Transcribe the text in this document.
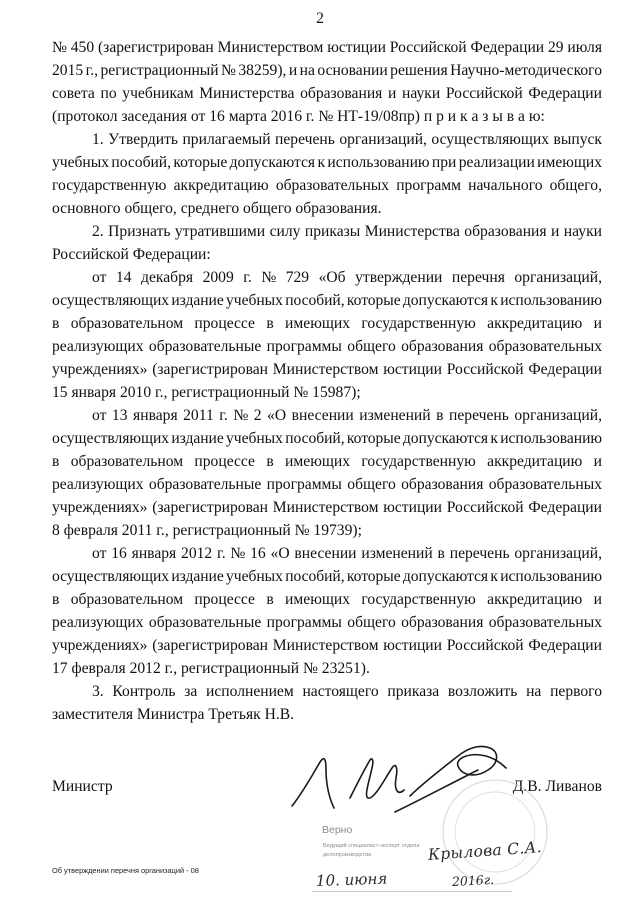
2
№ 450 (зарегистрирован Министерством юстиции Российской Федерации 29 июля
2015 г., регистрационный № 38259), и на основании решения Научно-методического
совета по учебникам Министерства образования и науки Российской Федерации
(протокол заседания от 16 марта 2016 г. № НТ-19/08пр) п р и к а з ы в а ю:
1. Утвердить прилагаемый перечень организаций, осуществляющих выпуск
учебных пособий, которые допускаются к использованию при реализации имеющих
государственную аккредитацию образовательных программ начального общего,
основного общего, среднего общего образования.
2. Признать утратившими силу приказы Министерства образования и науки
Российской Федерации:
от 14 декабря 2009 г. № 729 «Об утверждении перечня организаций,
осуществляющих издание учебных пособий, которые допускаются к использованию
в образовательном процессе в имеющих государственную аккредитацию и
реализующих образовательные программы общего образования образовательных
учреждениях» (зарегистрирован Министерством юстиции Российской Федерации
15 января 2010 г., регистрационный № 15987);
от 13 января 2011 г. № 2 «О внесении изменений в перечень организаций,
осуществляющих издание учебных пособий, которые допускаются к использованию
в образовательном процессе в имеющих государственную аккредитацию и
реализующих образовательные программы общего образования образовательных
учреждениях» (зарегистрирован Министерством юстиции Российской Федерации
8 февраля 2011 г., регистрационный № 19739);
от 16 января 2012 г. № 16 «О внесении изменений в перечень организаций,
осуществляющих издание учебных пособий, которые допускаются к использованию
в образовательном процессе в имеющих государственную аккредитацию и
реализующих образовательные программы общего образования образовательных
учреждениях» (зарегистрирован Министерством юстиции Российской Федерации
17 февраля 2012 г., регистрационный № 23251).
3. Контроль за исполнением настоящего приказа возложить на первого
заместителя Министра Третьяк Н.В.
Министр	Д.В. Ливанов
Верно
Ведущий специалист-эксперт отдела
делопроизводства	Крылова С.А.
10. июня	2016г.
Об утверждении перечня организаций - 08
